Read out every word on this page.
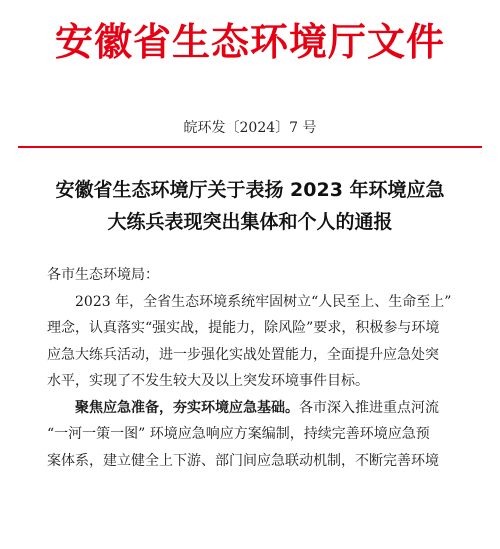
安徽省生态环境厅文件
皖环发〔2024〕7 号
安徽省生态环境厅关于表扬 2023 年环境应急
大练兵表现突出集体和个人的通报
各市生态环境局：
2023 年，全省生态环境系统牢固树立“人民至上、生命至上”
理念，认真落实“强实战，提能力，除风险”要求，积极参与环境
应急大练兵活动，进一步强化实战处置能力，全面提升应急处突
水平，实现了不发生较大及以上突发环境事件目标。
聚焦应急准备，夯实环境应急基础。各市深入推进重点河流
“一河一策一图” 环境应急响应方案编制，持续完善环境应急预
案体系，建立健全上下游、部门间应急联动机制，不断完善环境
